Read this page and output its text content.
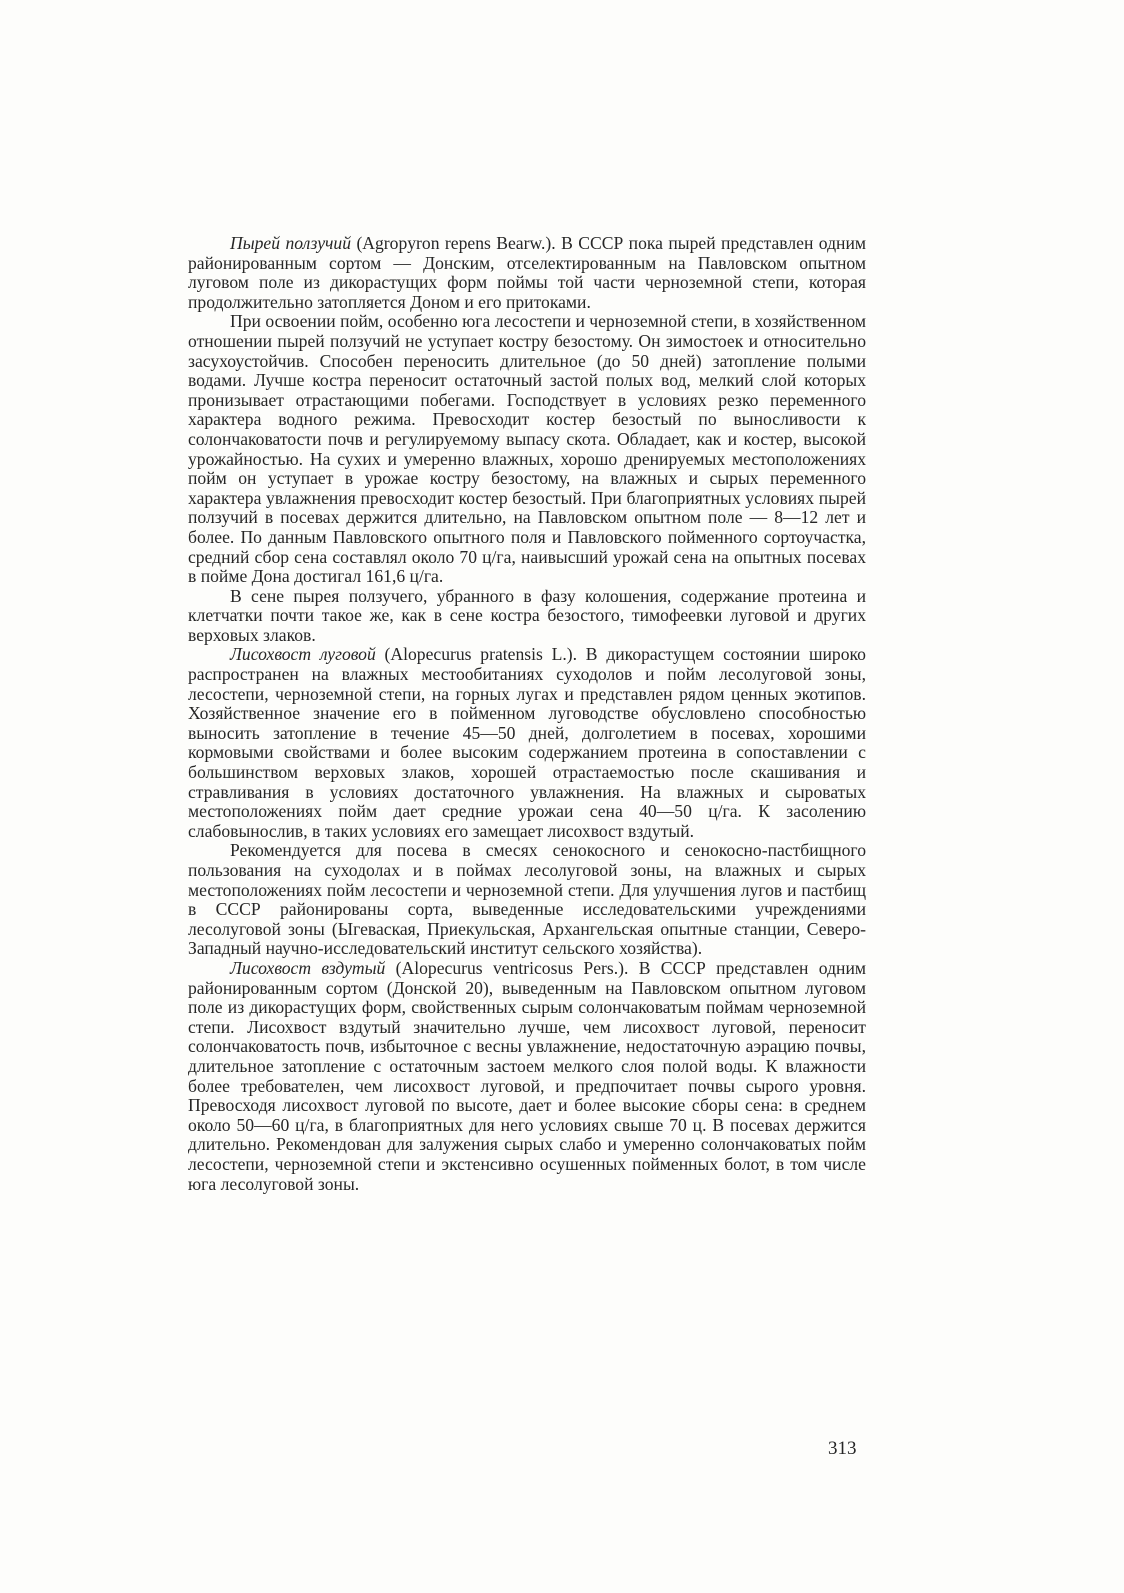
Пырей ползучий (Agropyron repens Bearw.). В СССР пока пырей представлен одним районированным сортом — Донским, отселектированным на Павловском опытном луговом поле из дикорастущих форм поймы той части черноземной степи, которая продолжительно затопляется Доном и его притоками.

При освоении пойм, особенно юга лесостепи и черноземной степи, в хозяйственном отношении пырей ползучий не уступает костру безостому. Он зимостоек и относительно засухоустойчив. Способен переносить длительное (до 50 дней) затопление полыми водами. Лучше костра переносит остаточный застой полых вод, мелкий слой которых пронизывает отрастающими побегами. Господствует в условиях резко переменного характера водного режима. Превосходит костер безостый по выносливости к солончаковатости почв и регулируемому выпасу скота. Обладает, как и костер, высокой урожайностью. На сухих и умеренно влажных, хорошо дренируемых местоположениях пойм он уступает в урожае костру безостому, на влажных и сырых переменного характера увлажнения превосходит костер безостый. При благоприятных условиях пырей ползучий в посевах держится длительно, на Павловском опытном поле — 8—12 лет и более. По данным Павловского опытного поля и Павловского пойменного сортоучастка, средний сбор сена составлял около 70 ц/га, наивысший урожай сена на опытных посевах в пойме Дона достигал 161,6 ц/га.

В сене пырея ползучего, убранного в фазу колошения, содержание протеина и клетчатки почти такое же, как в сене костра безостого, тимофеевки луговой и других верховых злаков.

Лисохвост луговой (Alopecurus pratensis L.). В дикорастущем состоянии широко распространен на влажных местообитаниях суходолов и пойм лесолуговой зоны, лесостепи, черноземной степи, на горных лугах и представлен рядом ценных экотипов. Хозяйственное значение его в пойменном луговодстве обусловлено способностью выносить затопление в течение 45—50 дней, долголетием в посевах, хорошими кормовыми свойствами и более высоким содержанием протеина в сопоставлении с большинством верховых злаков, хорошей отрастаемостью после скашивания и стравливания в условиях достаточного увлажнения. На влажных и сыроватых местоположениях пойм дает средние урожаи сена 40—50 ц/га. К засолению слабовынослив, в таких условиях его замещает лисохвост вздутый.

Рекомендуется для посева в смесях сенокосного и сенокосно-пастбищного пользования на суходолах и в поймах лесолуговой зоны, на влажных и сырых местоположениях пойм лесостепи и черноземной степи. Для улучшения лугов и пастбищ в СССР районированы сорта, выведенные исследовательскими учреждениями лесолуговой зоны (Ыгеваская, Приекульская, Архангельская опытные станции, Северо-Западный научно-исследовательский институт сельского хозяйства).

Лисохвост вздутый (Alopecurus ventricosus Pers.). В СССР представлен одним районированным сортом (Донской 20), выведенным на Павловском опытном луговом поле из дикорастущих форм, свойственных сырым солончаковатым поймам черноземной степи. Лисохвост вздутый значительно лучше, чем лисохвост луговой, переносит солончаковатость почв, избыточное с весны увлажнение, недостаточную аэрацию почвы, длительное затопление с остаточным застоем мелкого слоя полой воды. К влажности более требователен, чем лисохвост луговой, и предпочитает почвы сырого уровня. Превосходя лисохвост луговой по высоте, дает и более высокие сборы сена: в среднем около 50—60 ц/га, в благоприятных для него условиях свыше 70 ц. В посевах держится длительно. Рекомендован для залужения сырых слабо и умеренно солончаковатых пойм лесостепи, черноземной степи и экстенсивно осушенных пойменных болот, в том числе юга лесолуговой зоны.

313
